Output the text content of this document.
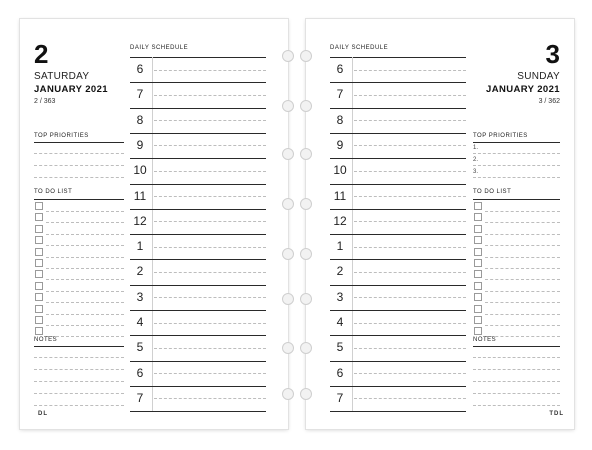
2
SATURDAY
JANUARY 2021
2 / 363
TOP PRIORITIES
TO DO LIST
NOTES
DAILY SCHEDULE
6
7
8
9
10
11
12
1
2
3
4
5
6
7
DL
3
SUNDAY
JANUARY 2021
3 / 362
DAILY SCHEDULE
6
7
8
9
10
11
12
1
2
3
4
5
6
7
TOP PRIORITIES
1.
2.
3.
TO DO LIST
NOTES
TDL
